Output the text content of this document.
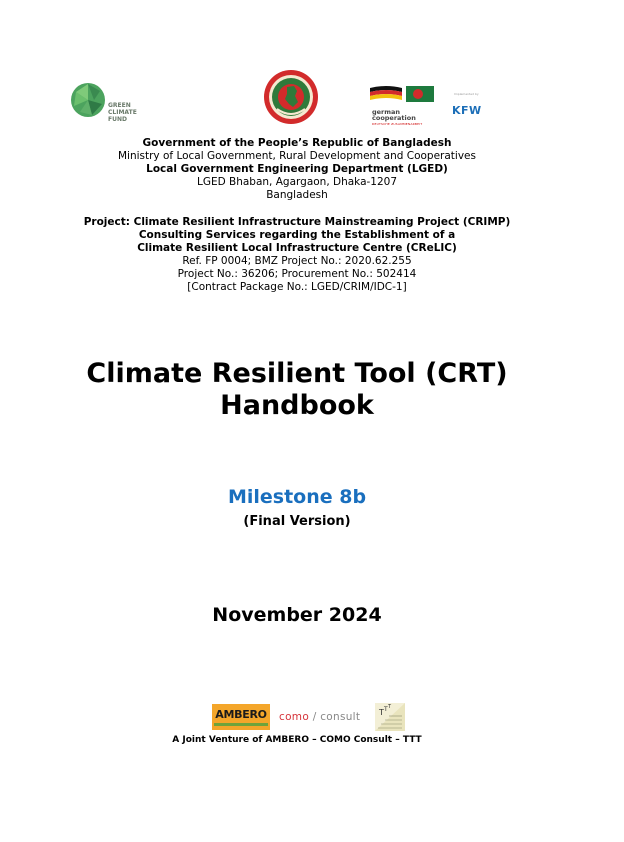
GREEN
CLIMATE
FUND
german
cooperation
DEUTSCHE ZUSAMMENARBEIT
Implemented by
KFW
Government of the People’s Republic of Bangladesh
Ministry of Local Government, Rural Development and Cooperatives
Local Government Engineering Department (LGED)
LGED Bhaban, Agargaon, Dhaka-1207
Bangladesh
Project: Climate Resilient Infrastructure Mainstreaming Project (CRIMP)
Consulting Services regarding the Establishment of a
Climate Resilient Local Infrastructure Centre (CReLIC)
Ref. FP 0004; BMZ Project No.: 2020.62.255
Project No.: 36206; Procurement No.: 502414
[Contract Package No.: LGED/CRIM/IDC-1]
Climate Resilient Tool (CRT)
Handbook
Milestone 8b
(Final Version)
November 2024
AMBERO	como / consult T T T
A Joint Venture of AMBERO – COMO Consult – TTT
